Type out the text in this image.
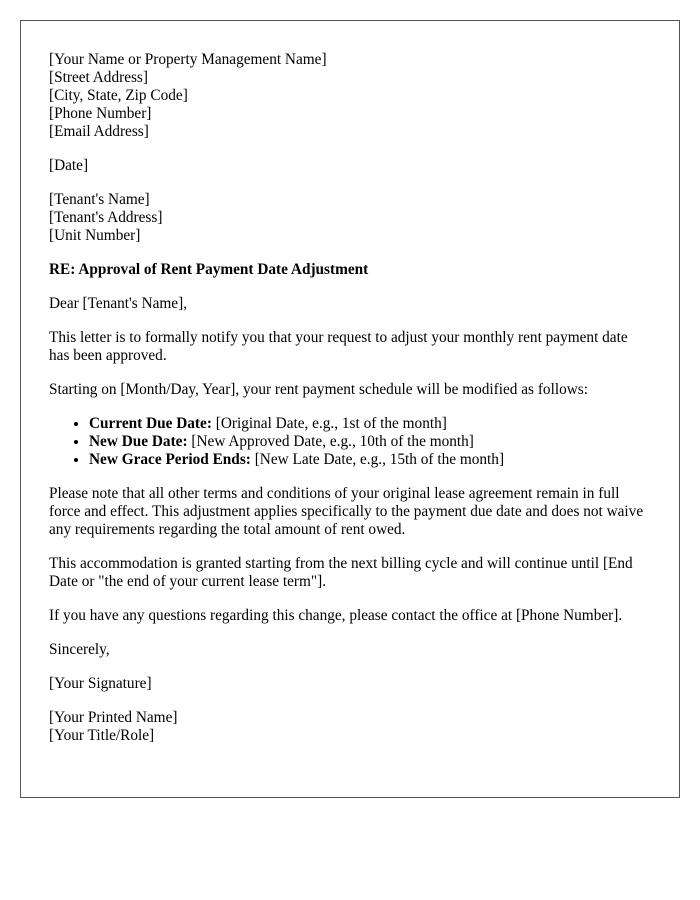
[Your Name or Property Management Name]
[Street Address]
[City, State, Zip Code]
[Phone Number]
[Email Address]

[Date]

[Tenant's Name]
[Tenant's Address]
[Unit Number]

RE: Approval of Rent Payment Date Adjustment

Dear [Tenant's Name],

This letter is to formally notify you that your request to adjust your monthly rent payment date has been approved.

Starting on [Month/Day, Year], your rent payment schedule will be modified as follows:

• Current Due Date: [Original Date, e.g., 1st of the month]
• New Due Date: [New Approved Date, e.g., 10th of the month]
• New Grace Period Ends: [New Late Date, e.g., 15th of the month]

Please note that all other terms and conditions of your original lease agreement remain in full force and effect. This adjustment applies specifically to the payment due date and does not waive any requirements regarding the total amount of rent owed.

This accommodation is granted starting from the next billing cycle and will continue until [End Date or "the end of your current lease term"].

If you have any questions regarding this change, please contact the office at [Phone Number].

Sincerely,

[Your Signature]

[Your Printed Name]
[Your Title/Role]
